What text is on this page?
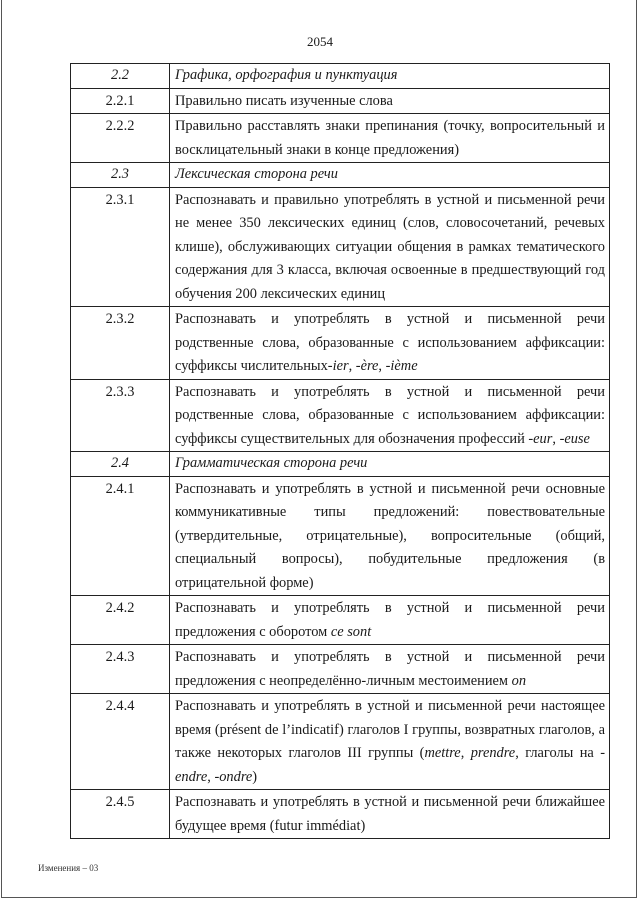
2054
2.2	Графика, орфография и пунктуация
2.2.1	Правильно писать изученные слова
2.2.2	Правильно расставлять знаки препинания (точку, вопросительный и восклицательный знаки в конце предложения)
2.3	Лексическая сторона речи
2.3.1	Распознавать и правильно употреблять в устной и письменной речи не менее 350 лексических единиц (слов, словосочетаний, речевых клише), обслуживающих ситуации общения в рамках тематического содержания для 3 класса, включая освоенные в предшествующий год обучения 200 лексических единиц
2.3.2	Распознавать и употреблять в устной и письменной речи родственные слова, образованные с использованием аффиксации: суффиксы числительных-ier, -ère, -ième
2.3.3	Распознавать и употреблять в устной и письменной речи родственные слова, образованные с использованием аффиксации: суффиксы существительных для обозначения профессий -eur, -euse
2.4	Грамматическая сторона речи
2.4.1	Распознавать и употреблять в устной и письменной речи основные коммуникативные типы предложений: повествовательные (утвердительные, отрицательные), вопросительные (общий, специальный вопросы), побудительные предложения (в отрицательной форме)
2.4.2	Распознавать и употреблять в устной и письменной речи предложения с оборотом ce sont
2.4.3	Распознавать и употреблять в устной и письменной речи предложения с неопределённо-личным местоимением on
2.4.4	Распознавать и употреблять в устной и письменной речи настоящее время (présent de l’indicatif) глаголов I группы, возвратных глаголов, а также некоторых глаголов III группы (mettre, prendre, глаголы на -endre, -ondre)
2.4.5	Распознавать и употреблять в устной и письменной речи ближайшее будущее время (futur immédiat)
Изменения – 03
